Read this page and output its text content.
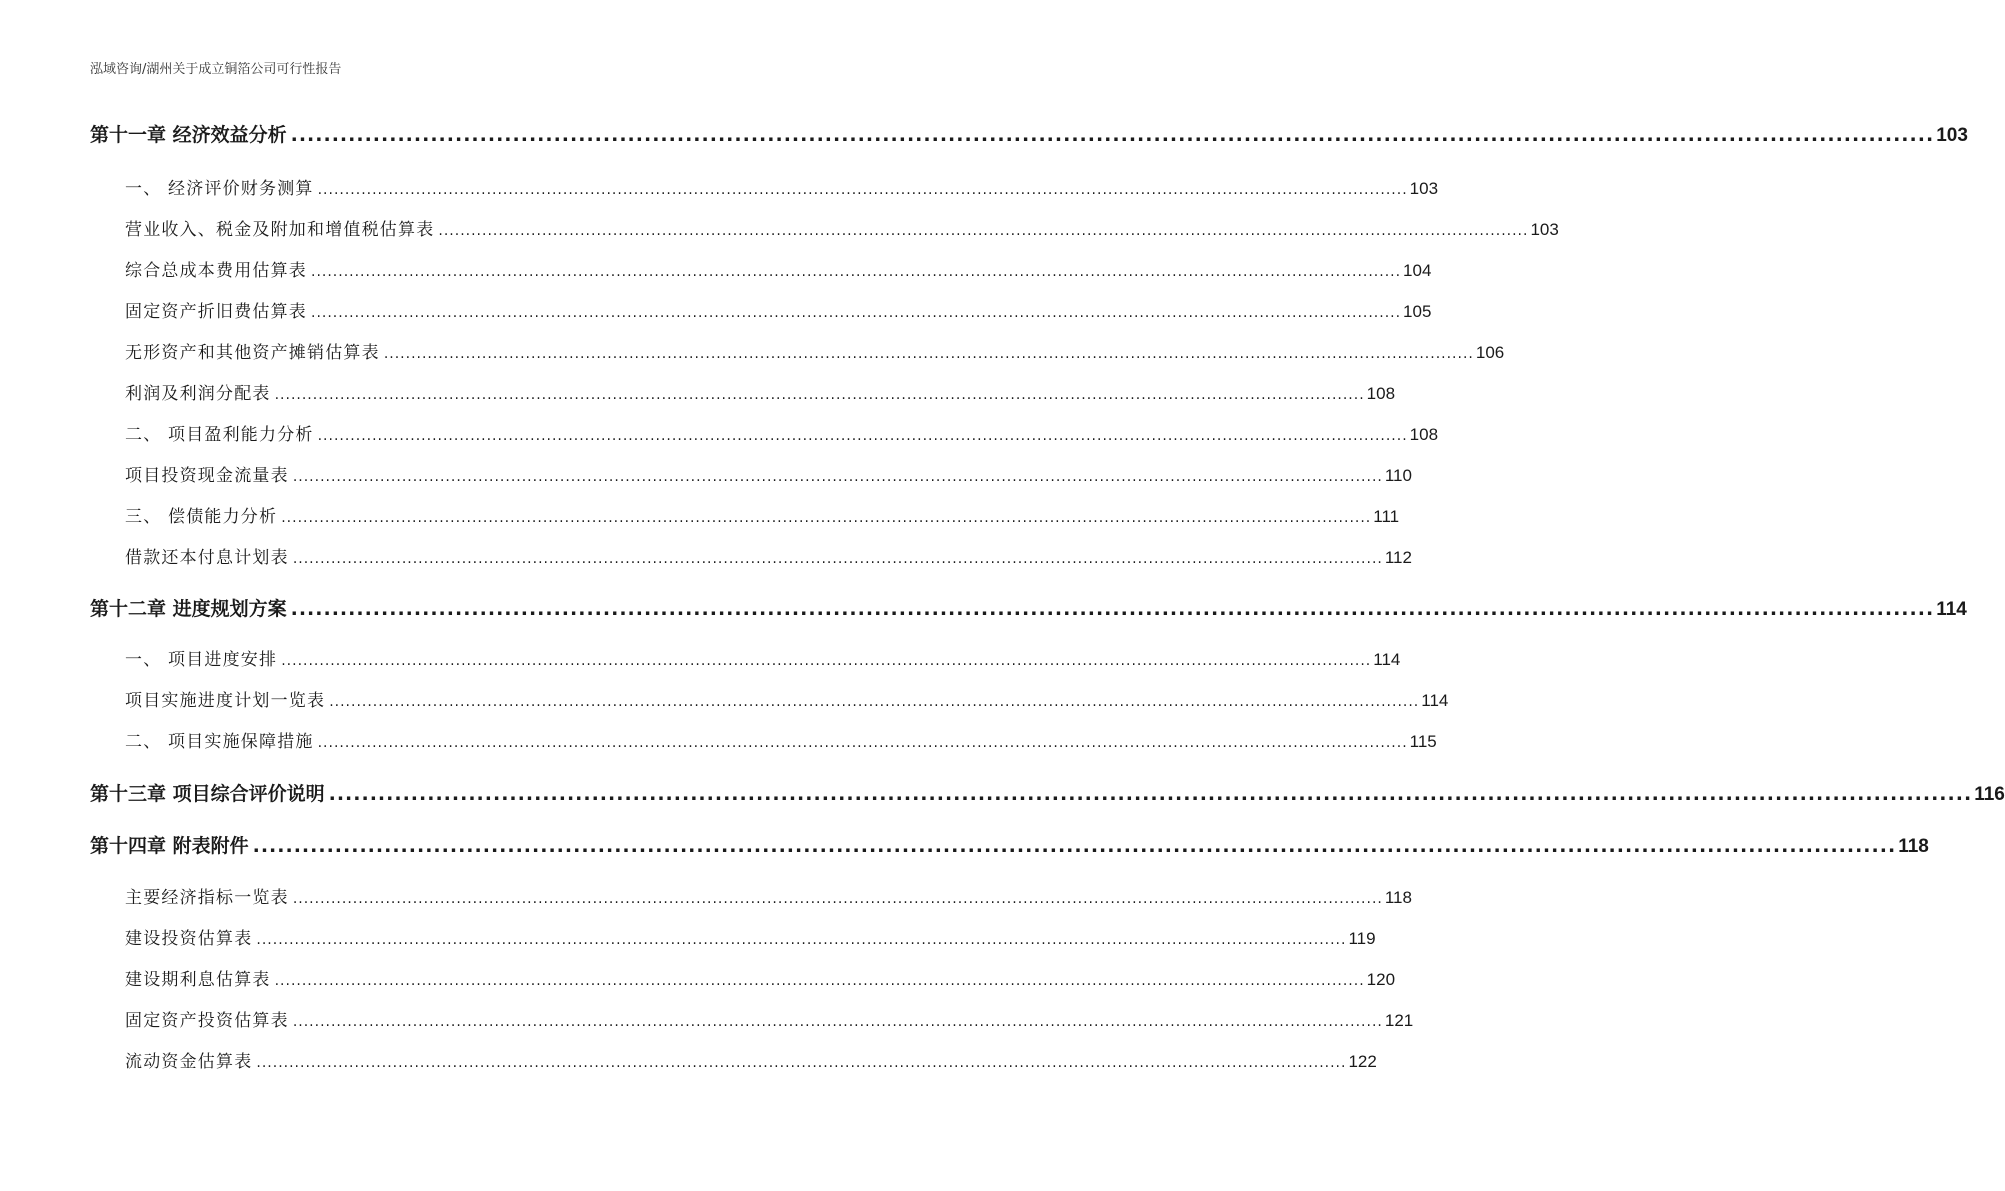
泓域咨询/湖州关于成立铜箔公司可行性报告
第十一章 经济效益分析 ........................................................................................................................................................................................................ 103
一、 经济评价财务测算 ........................................................................................................................................................................................................ 103
营业收入、税金及附加和增值税估算表 ........................................................................................................................................................................................................ 103
综合总成本费用估算表 ........................................................................................................................................................................................................ 104
固定资产折旧费估算表 ........................................................................................................................................................................................................ 105
无形资产和其他资产摊销估算表 ........................................................................................................................................................................................................ 106
利润及利润分配表 ........................................................................................................................................................................................................ 108
二、 项目盈利能力分析 ........................................................................................................................................................................................................ 108
项目投资现金流量表 ........................................................................................................................................................................................................ 110
三、 偿债能力分析 ........................................................................................................................................................................................................ 111
借款还本付息计划表 ........................................................................................................................................................................................................ 112
第十二章 进度规划方案 ........................................................................................................................................................................................................ 114
一、 项目进度安排 ........................................................................................................................................................................................................ 114
项目实施进度计划一览表 ........................................................................................................................................................................................................ 114
二、 项目实施保障措施 ........................................................................................................................................................................................................ 115
第十三章 项目综合评价说明 ........................................................................................................................................................................................................ 116
第十四章 附表附件 ........................................................................................................................................................................................................ 118
主要经济指标一览表 ........................................................................................................................................................................................................ 118
建设投资估算表 ........................................................................................................................................................................................................ 119
建设期利息估算表 ........................................................................................................................................................................................................ 120
固定资产投资估算表 ........................................................................................................................................................................................................ 121
流动资金估算表 ........................................................................................................................................................................................................ 122
